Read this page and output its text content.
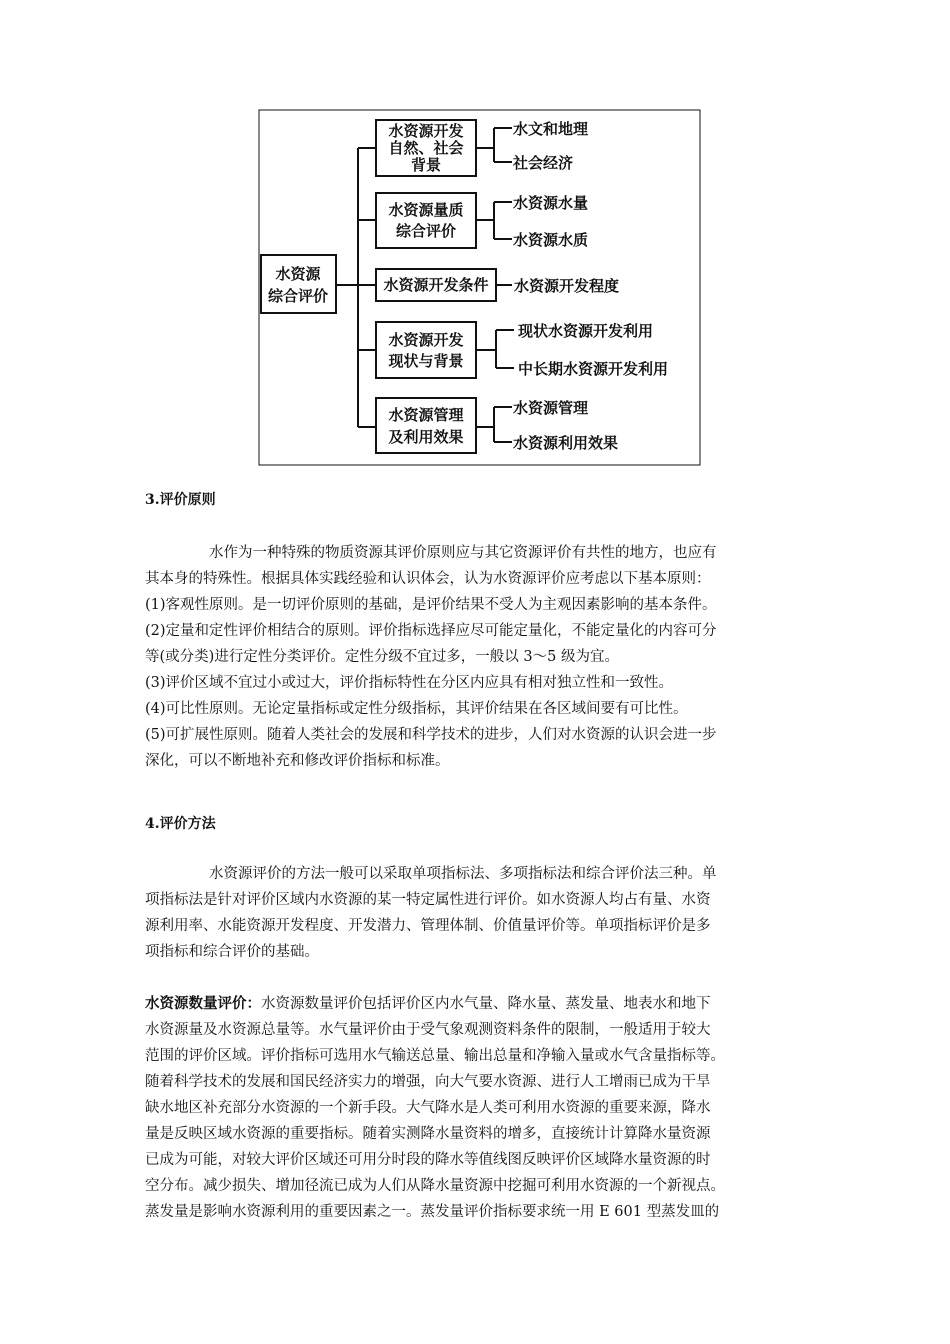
水资源
综合评价
水资源开发
自然、社会
背景
水文和地理
社会经济
水资源量质
综合评价
水资源水量
水资源水质
水资源开发条件 水资源开发程度
水资源开发
现状与背景
现状水资源开发利用
中长期水资源开发利用
水资源管理
及利用效果
水资源管理
水资源利用效果
3.评价原则
水作为一种特殊的物质资源其评价原则应与其它资源评价有共性的地方，也应有
其本身的特殊性。根据具体实践经验和认识体会，认为水资源评价应考虑以下基本原则：
(1)客观性原则。是一切评价原则的基础，是评价结果不受人为主观因素影响的基本条件。
(2)定量和定性评价相结合的原则。评价指标选择应尽可能定量化，不能定量化的内容可分
等(或分类)进行定性分类评价。定性分级不宜过多，一般以 3～5 级为宜。
(3)评价区域不宜过小或过大，评价指标特性在分区内应具有相对独立性和一致性。
(4)可比性原则。无论定量指标或定性分级指标，其评价结果在各区域间要有可比性。
(5)可扩展性原则。随着人类社会的发展和科学技术的进步，人们对水资源的认识会进一步
深化，可以不断地补充和修改评价指标和标准。
4.评价方法
水资源评价的方法一般可以采取单项指标法、多项指标法和综合评价法三种。单
项指标法是针对评价区域内水资源的某一特定属性进行评价。如水资源人均占有量、水资
源利用率、水能资源开发程度、开发潜力、管理体制、价值量评价等。单项指标评价是多
项指标和综合评价的基础。
水资源数量评价：水资源数量评价包括评价区内水气量、降水量、蒸发量、地表水和地下
水资源量及水资源总量等。水气量评价由于受气象观测资料条件的限制，一般适用于较大
范围的评价区域。评价指标可选用水气输送总量、输出总量和净输入量或水气含量指标等。
随着科学技术的发展和国民经济实力的增强，向大气要水资源、进行人工增雨已成为干旱
缺水地区补充部分水资源的一个新手段。大气降水是人类可利用水资源的重要来源，降水
量是反映区域水资源的重要指标。随着实测降水量资料的增多，直接统计计算降水量资源
已成为可能，对较大评价区域还可用分时段的降水等值线图反映评价区域降水量资源的时
空分布。减少损失、增加径流已成为人们从降水量资源中挖掘可利用水资源的一个新视点。
蒸发量是影响水资源利用的重要因素之一。蒸发量评价指标要求统一用 E 601 型蒸发皿的
